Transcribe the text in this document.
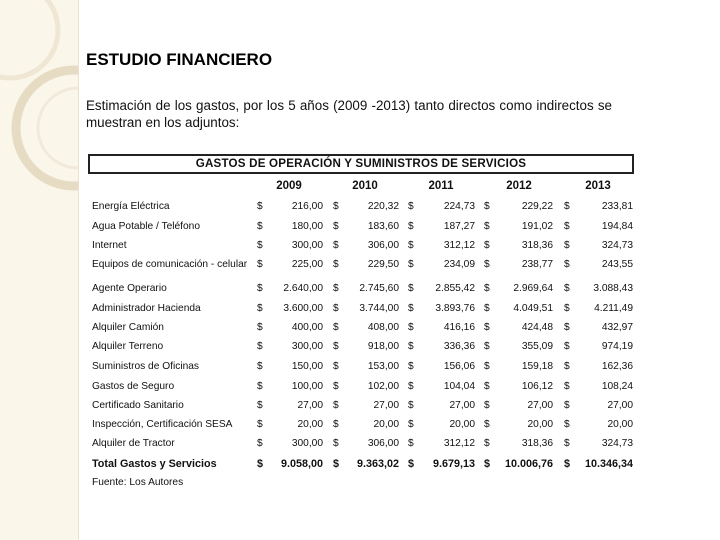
ESTUDIO FINANCIERO
Estimación de los gastos, por los 5 años (2009 -2013) tanto directos como indirectos se muestran en los adjuntos:
GASTOS DE OPERACIÓN Y SUMINISTROS DE SERVICIOS
2009	2010	2011	2012	2013
Energía Eléctrica	$	216,00 $	220,32 $	224,73 $	229,22 $	233,81
Agua Potable / Teléfono	$	180,00 $	183,60 $	187,27 $	191,02 $	194,84
Internet	$	300,00 $	306,00 $	312,12 $	318,36 $	324,73
Equipos de comunicación - celular $	225,00 $	229,50 $	234,09 $	238,77 $	243,55
Agente Operario	$	2.640,00 $	2.745,60 $	2.855,42 $	2.969,64 $	3.088,43
Administrador Hacienda	$	3.600,00 $	3.744,00 $	3.893,76 $	4.049,51 $	4.211,49
Alquiler Camión	$	400,00 $	408,00 $	416,16 $	424,48 $	432,97
Alquiler Terreno	$	300,00 $	918,00 $	336,36 $	355,09 $	974,19
Suministros de Oficinas	$	150,00 $	153,00 $	156,06 $	159,18 $	162,36
Gastos de Seguro	$	100,00 $	102,00 $	104,04 $	106,12 $	108,24
Certificado Sanitario	$	27,00 $	27,00 $	27,00 $	27,00 $	27,00
Inspección, Certificación SESA $	20,00 $	20,00 $	20,00 $	20,00 $	20,00
Alquiler de Tractor	$	300,00 $	306,00 $	312,12 $	318,36 $	324,73
Total Gastos y Servicios	$	9.058,00 $	9.363,02 $	9.679,13 $	10.006,76 $	10.346,34
Fuente: Los Autores
